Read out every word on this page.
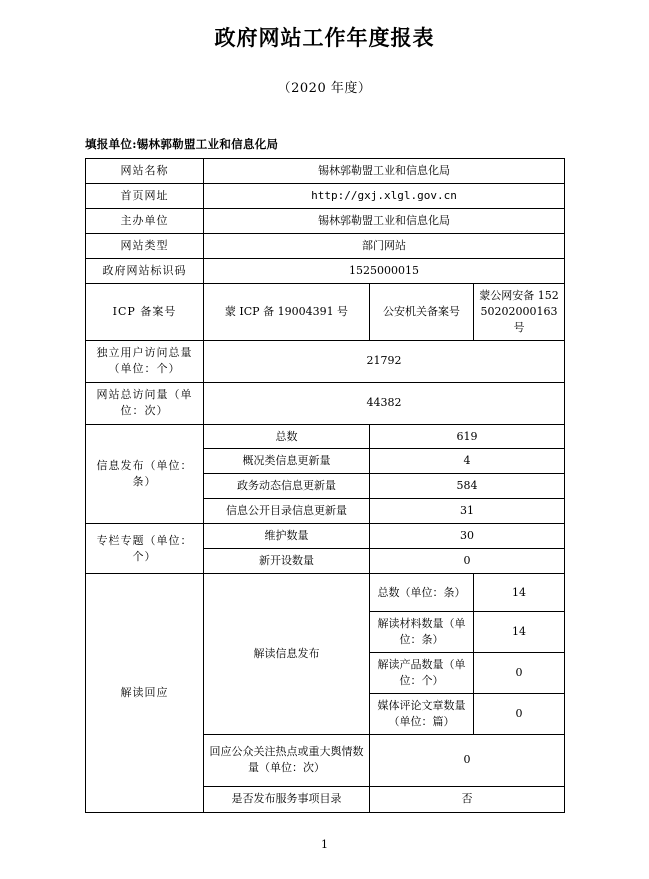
政府网站工作年度报表
（2020 年度）
填报单位:锡林郭勒盟工业和信息化局
网站名称	锡林郭勒盟工业和信息化局		
首页网址	http://gxj.xlgl.gov.cn		
主办单位	锡林郭勒盟工业和信息化局		
网站类型	部门网站		
政府网站标识码	1525000015		
ICP 备案号	蒙 ICP 备 19004391 号	公安机关备案号	蒙公网安备 15250202000163 号
独立用户访问总量（单位：个）	21792		
网站总访问量（单位：次）	44382		
信息发布（单位：条）	总数	619	
	概况类信息更新量	4	
	政务动态信息更新量	584	
	信息公开目录信息更新量	31	
专栏专题（单位：个）	维护数量	30	
	新开设数量	0	
解读回应	解读信息发布	总数（单位：条）	14
		解读材料数量（单位：条）	14
		解读产品数量（单位：个）	0
		媒体评论文章数量（单位：篇）	0
	回应公众关注热点或重大舆情数量（单位：次）	0	
	是否发布服务事项目录	否	
1
